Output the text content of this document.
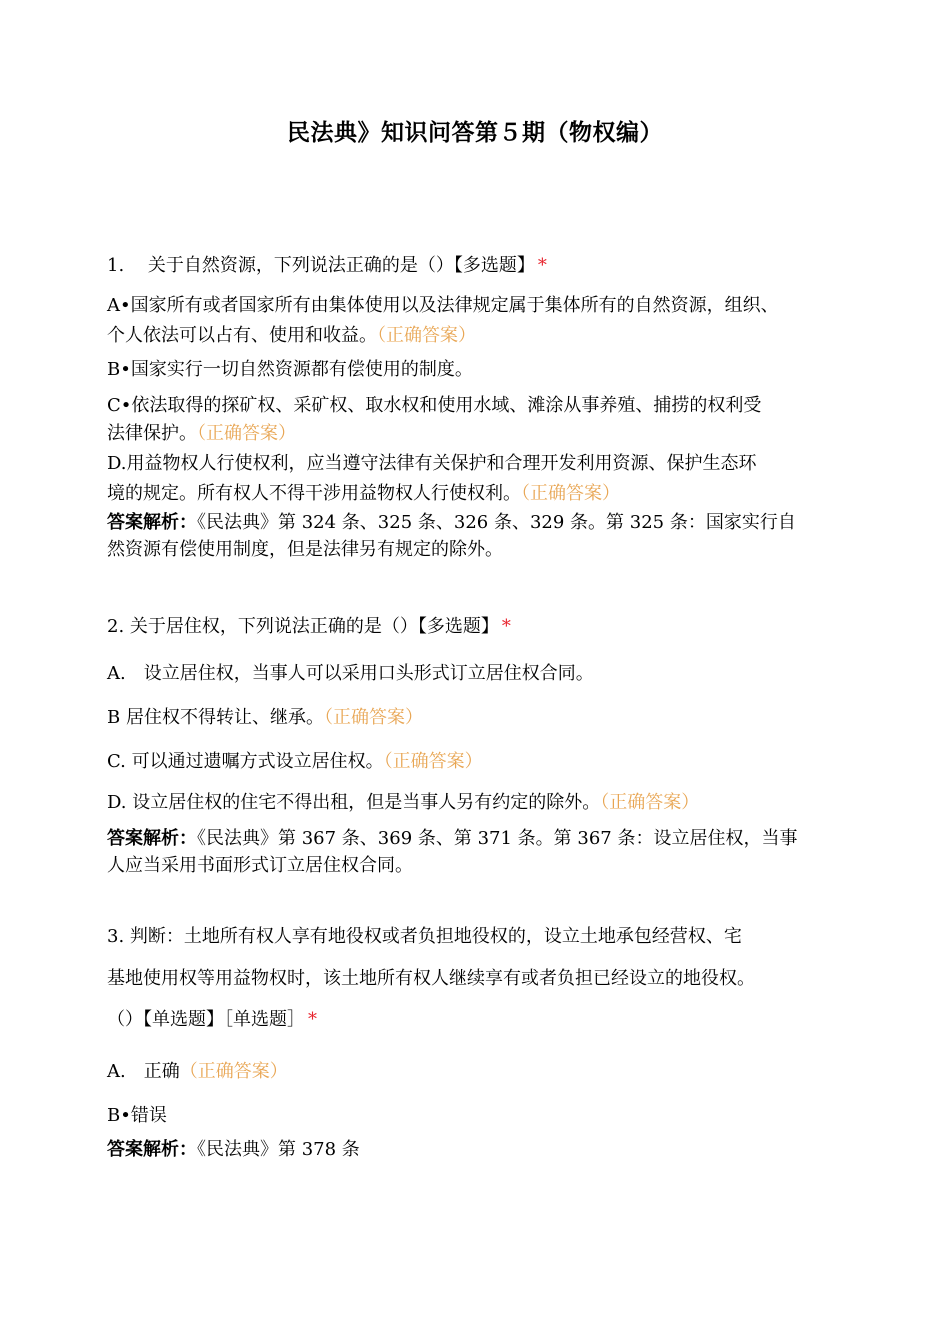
民法典》知识问答第５期（物权编）
1.　 关于自然资源，下列说法正确的是（）【多选题】 *
A•国家所有或者国家所有由集体使用以及法律规定属于集体所有的自然资源，组织、
个人依法可以占有、使用和收益。（正确答案）
B•国家实行一切自然资源都有偿使用的制度。
C•依法取得的探矿权、采矿权、取水权和使用水域、滩涂从事养殖、捕捞的权利受
法律保护。（正确答案）
D.用益物权人行使权利，应当遵守法律有关保护和合理开发利用资源、保护生态环
境的规定。所有权人不得干涉用益物权人行使权利。（正确答案）
答案解析：《民法典》第 324 条、325 条、326 条、329 条。第 325 条：国家实行自
然资源有偿使用制度，但是法律另有规定的除外。
2. 关于居住权，下列说法正确的是（）【多选题】 *
A.　设立居住权，当事人可以采用口头形式订立居住权合同。
B 居住权不得转让、继承。（正确答案）
C. 可以通过遗嘱方式设立居住权。（正确答案）
D. 设立居住权的住宅不得出租，但是当事人另有约定的除外。（正确答案）
答案解析：《民法典》第 367 条、369 条、第 371 条。第 367 条：设立居住权，当事
人应当采用书面形式订立居住权合同。
3. 判断：土地所有权人享有地役权或者负担地役权的，设立土地承包经营权、宅
基地使用权等用益物权时，该土地所有权人继续享有或者负担已经设立的地役权。
（）【单选题】［单选题］ *
A.　正确（正确答案）
B•错误
答案解析：《民法典》第 378 条
